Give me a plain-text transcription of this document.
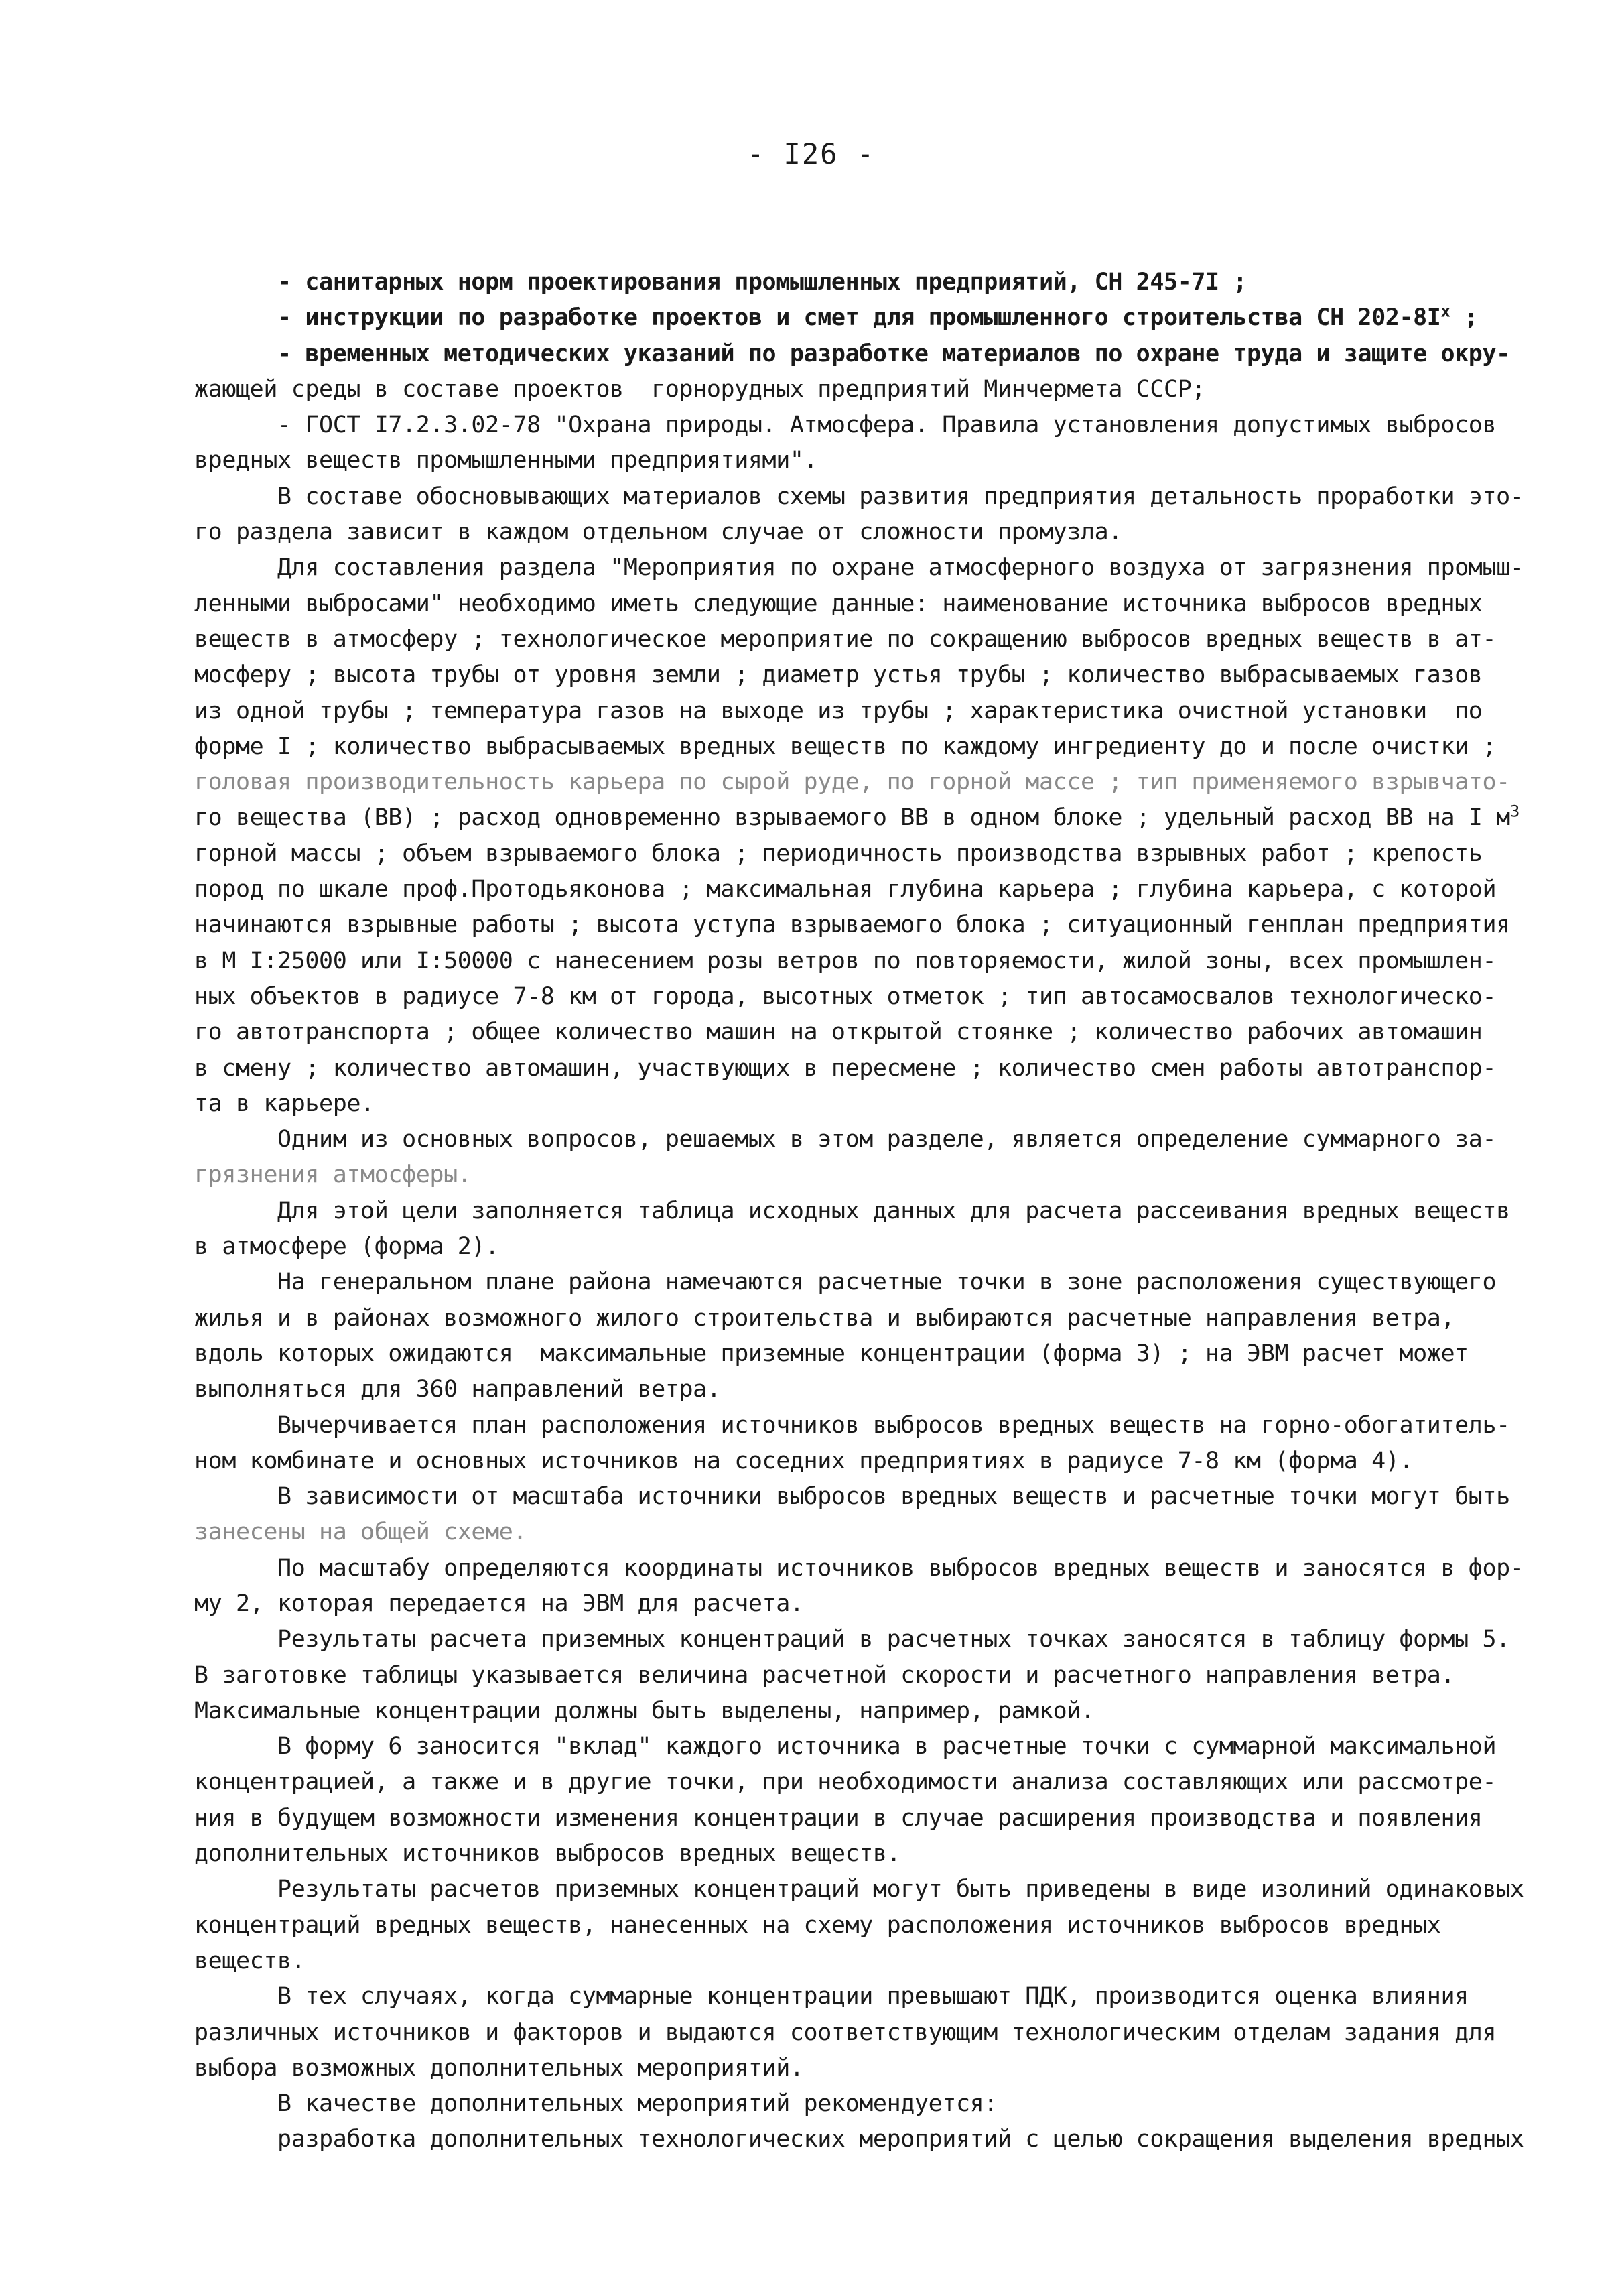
- I26 -
- санитарных норм проектирования промышленных предприятий, СН 245-7I ;
- инструкции по разработке проектов и смет для промышленного строительства СН $202-8I^х$ ;
- временных методических указаний по разработке материалов по охране труда и защите окру-
жающей среды в составе проектов  горнорудных предприятий Минчермета СССР;
- ГОСТ I7.2.3.02-78 "Охрана природы. Атмосфера. Правила установления допустимых выбросов
вредных веществ промышленными предприятиями".
В составе обосновывающих материалов схемы развития предприятия детальность проработки это-
го раздела зависит в каждом отдельном случае от сложности промузла.
Для составления раздела "Мероприятия по охране атмосферного воздуха от загрязнения промыш-
ленными выбросами" необходимо иметь следующие данные: наименование источника выбросов вредных
веществ в атмосферу ; технологическое мероприятие по сокращению выбросов вредных веществ в ат-
мосферу ; высота трубы от уровня земли ; диаметр устья трубы ; количество выбрасываемых газов
из одной трубы ; температура газов на выходе из трубы ; характеристика очистной установки  по
форме I ; количество выбрасываемых вредных веществ по каждому ингредиенту до и после очистки ;
головая производительность карьера по сырой руде, по горной массе ; тип применяемого взрывчато-
го вещества (ВВ) ; расход одновременно взрываемого ВВ в одном блоке ; удельный расход ВВ на I $м^3$
горной массы ; объем взрываемого блока ; периодичность производства взрывных работ ; крепость
пород по шкале проф.Протодьяконова ; максимальная глубина карьера ; глубина карьера, с которой
начинаются взрывные работы ; высота уступа взрываемого блока ; ситуационный генплан предприятия
в М I:25000 или I:50000 с нанесением розы ветров по повторяемости, жилой зоны, всех промышлен-
ных объектов в радиусе 7-8 км от города, высотных отметок ; тип автосамосвалов технологическо-
го автотранспорта ; общее количество машин на открытой стоянке ; количество рабочих автомашин
в смену ; количество автомашин, участвующих в пересмене ; количество смен работы автотранспор-
та в карьере.
Одним из основных вопросов, решаемых в этом разделе, является определение суммарного за-
грязнения атмосферы.
Для этой цели заполняется таблица исходных данных для расчета рассеивания вредных веществ
в атмосфере (форма 2).
На генеральном плане района намечаются расчетные точки в зоне расположения существующего
жилья и в районах возможного жилого строительства и выбираются расчетные направления ветра,
вдоль которых ожидаются  максимальные приземные концентрации (форма 3) ; на ЭВМ расчет может
выполняться для 360 направлений ветра.
Вычерчивается план расположения источников выбросов вредных веществ на горно-обогатитель-
ном комбинате и основных источников на соседних предприятиях в радиусе 7-8 км (форма 4).
В зависимости от масштаба источники выбросов вредных веществ и расчетные точки могут быть
занесены на общей схеме.
По масштабу определяются координаты источников выбросов вредных веществ и заносятся в фор-
му 2, которая передается на ЭВМ для расчета.
Результаты расчета приземных концентраций в расчетных точках заносятся в таблицу формы 5.
В заготовке таблицы указывается величина расчетной скорости и расчетного направления ветра.
Максимальные концентрации должны быть выделены, например, рамкой.
В форму 6 заносится "вклад" каждого источника в расчетные точки с суммарной максимальной
концентрацией, а также и в другие точки, при необходимости анализа составляющих или рассмотре-
ния в будущем возможности изменения концентрации в случае расширения производства и появления
дополнительных источников выбросов вредных веществ.
Результаты расчетов приземных концентраций могут быть приведены в виде изолиний одинаковых
концентраций вредных веществ, нанесенных на схему расположения источников выбросов вредных
веществ.
В тех случаях, когда суммарные концентрации превышают ПДК, производится оценка влияния
различных источников и факторов и выдаются соответствующим технологическим отделам задания для
выбора возможных дополнительных мероприятий.
В качестве дополнительных мероприятий рекомендуется:
разработка дополнительных технологических мероприятий с целью сокращения выделения вредных
